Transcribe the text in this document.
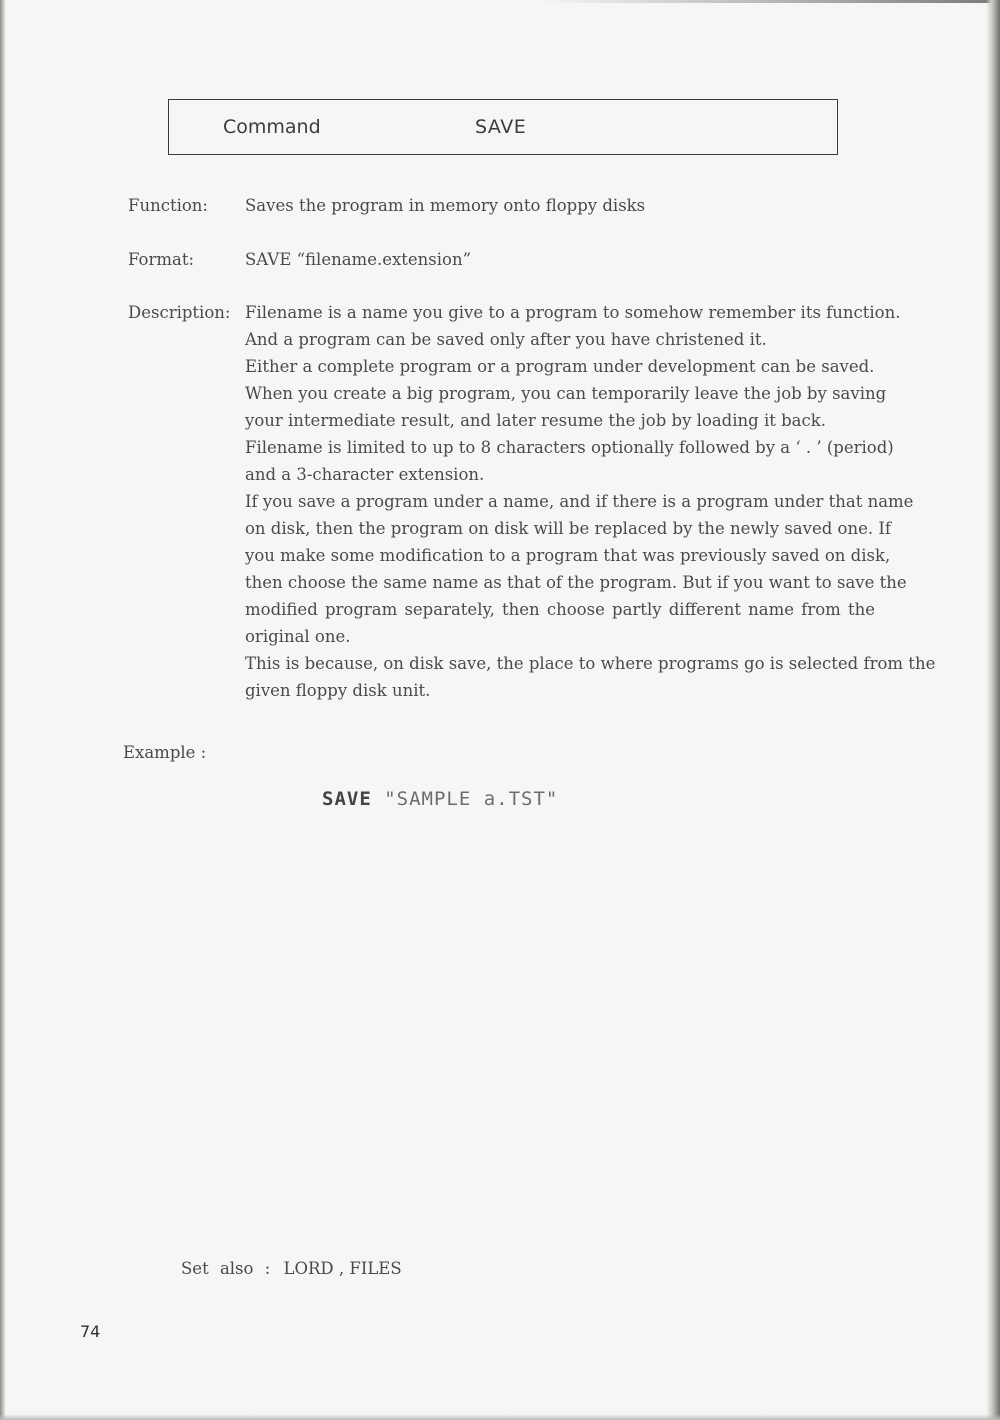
Command	SAVE
Function: Saves the program in memory onto floppy disks
Format:	SAVE “filename.extension”
Description: Filename is a name you give to a program to somehow remember its function.
And a program can be saved only after you have christened it.
Either a complete program or a program under development can be saved.
When you create a big program, you can temporarily leave the job by saving
your intermediate result, and later resume the job by loading it back.
Filename is limited to up to 8 characters optionally followed by a ‘ . ’ (period)
and a 3-character extension.
If you save a program under a name, and if there is a program under that name
on disk, then the program on disk will be replaced by the newly saved one. If
you make some modification to a program that was previously saved on disk,
then choose the same name as that of the program. But if you want to save the
modified program separately, then choose partly different name from the
original one.
This is because, on disk save, the place to where programs go is selected from the
given floppy disk unit.
Example :
SAVE "SAMPLE a.TST"
Set also : LORD , FILES
74
